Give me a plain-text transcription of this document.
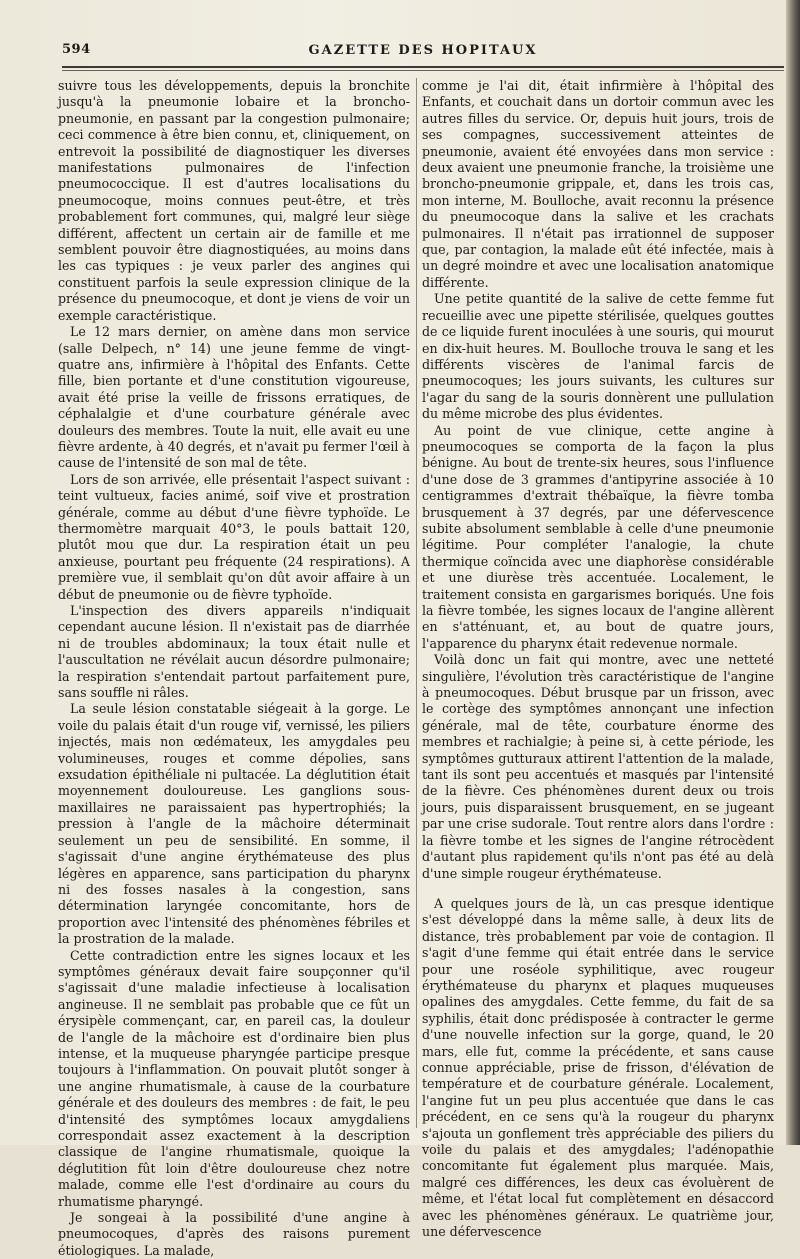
594	GAZETTE DES HOPITAUX

suivre tous les développements, depuis la bronchite jusqu'à la pneumonie lobaire et la broncho-pneumonie, en passant par la congestion pulmonaire; ceci commence à être bien connu, et, cliniquement, on entrevoit la possibilité de diagnostiquer les diverses manifestations pulmonaires de l'infection pneumococcique. Il est d'autres localisations du pneumocoque, moins connues peut-être, et très probablement fort communes, qui, malgré leur siège différent, affectent un certain air de famille et me semblent pouvoir être diagnostiquées, au moins dans les cas typiques : je veux parler des angines qui constituent parfois la seule expression clinique de la présence du pneumocoque, et dont je viens de voir un exemple caractéristique.

Le 12 mars dernier, on amène dans mon service (salle Delpech, n° 14) une jeune femme de vingt-quatre ans, infirmière à l'hôpital des Enfants. Cette fille, bien portante et d'une constitution vigoureuse, avait été prise la veille de frissons erratiques, de céphalalgie et d'une courbature générale avec douleurs des membres. Toute la nuit, elle avait eu une fièvre ardente, à 40 degrés, et n'avait pu fermer l'œil à cause de l'intensité de son mal de tête.

Lors de son arrivée, elle présentait l'aspect suivant : teint vultueux, facies animé, soif vive et prostration générale, comme au début d'une fièvre typhoïde. Le thermomètre marquait 40°3, le pouls battait 120, plutôt mou que dur. La respiration était un peu anxieuse, pourtant peu fréquente (24 respirations). A première vue, il semblait qu'on dût avoir affaire à un début de pneumonie ou de fièvre typhoïde.

L'inspection des divers appareils n'indiquait cependant aucune lésion. Il n'existait pas de diarrhée ni de troubles abdominaux; la toux était nulle et l'auscultation ne révélait aucun désordre pulmonaire; la respiration s'entendait partout parfaitement pure, sans souffle ni râles.

La seule lésion constatable siégeait à la gorge. Le voile du palais était d'un rouge vif, vernissé, les piliers injectés, mais non œdémateux, les amygdales peu volumineuses, rouges et comme dépolies, sans exsudation épithéliale ni pultacée. La déglutition était moyennement douloureuse. Les ganglions sous-maxillaires ne paraissaient pas hypertrophiés; la pression à l'angle de la mâchoire déterminait seulement un peu de sensibilité. En somme, il s'agissait d'une angine érythémateuse des plus légères en apparence, sans participation du pharynx ni des fosses nasales à la congestion, sans détermination laryngée concomitante, hors de proportion avec l'intensité des phénomènes fébriles et la prostration de la malade.

Cette contradiction entre les signes locaux et les symptômes généraux devait faire soupçonner qu'il s'agissait d'une maladie infectieuse à localisation angineuse. Il ne semblait pas probable que ce fût un érysipèle commençant, car, en pareil cas, la douleur de l'angle de la mâchoire est d'ordinaire bien plus intense, et la muqueuse pharyngée participe presque toujours à l'inflammation. On pouvait plutôt songer à une angine rhumatismale, à cause de la courbature générale et des douleurs des membres : de fait, le peu d'intensité des symptômes locaux amygdaliens correspondait assez exactement à la description classique de l'angine rhumatismale, quoique la déglutition fût loin d'être douloureuse chez notre malade, comme elle l'est d'ordinaire au cours du rhumatisme pharyngé.

Je songeai à la possibilité d'une angine à pneumocoques, d'après des raisons purement étiologiques. La malade,

comme je l'ai dit, était infirmière à l'hôpital des Enfants, et couchait dans un dortoir commun avec les autres filles du service. Or, depuis huit jours, trois de ses compagnes, successivement atteintes de pneumonie, avaient été envoyées dans mon service : deux avaient une pneumonie franche, la troisième une broncho-pneumonie grippale, et, dans les trois cas, mon interne, M. Boulloche, avait reconnu la présence du pneumocoque dans la salive et les crachats pulmonaires. Il n'était pas irrationnel de supposer que, par contagion, la malade eût été infectée, mais à un degré moindre et avec une localisation anatomique différente.

Une petite quantité de la salive de cette femme fut recueillie avec une pipette stérilisée, quelques gouttes de ce liquide furent inoculées à une souris, qui mourut en dix-huit heures. M. Boulloche trouva le sang et les différents viscères de l'animal farcis de pneumocoques; les jours suivants, les cultures sur l'agar du sang de la souris donnèrent une pullulation du même microbe des plus évidentes.

Au point de vue clinique, cette angine à pneumocoques se comporta de la façon la plus bénigne. Au bout de trente-six heures, sous l'influence d'une dose de 3 grammes d'antipyrine associée à 10 centigrammes d'extrait thébaïque, la fièvre tomba brusquement à 37 degrés, par une défervescence subite absolument semblable à celle d'une pneumonie légitime. Pour compléter l'analogie, la chute thermique coïncida avec une diaphorèse considérable et une diurèse très accentuée. Localement, le traitement consista en gargarismes boriqués. Une fois la fièvre tombée, les signes locaux de l'angine allèrent en s'atténuant, et, au bout de quatre jours, l'apparence du pharynx était redevenue normale.

Voilà donc un fait qui montre, avec une netteté singulière, l'évolution très caractéristique de l'angine à pneumocoques. Début brusque par un frisson, avec le cortège des symptômes annonçant une infection générale, mal de tête, courbature énorme des membres et rachialgie; à peine si, à cette période, les symptômes gutturaux attirent l'attention de la malade, tant ils sont peu accentués et masqués par l'intensité de la fièvre. Ces phénomènes durent deux ou trois jours, puis disparaissent brusquement, en se jugeant par une crise sudorale. Tout rentre alors dans l'ordre : la fièvre tombe et les signes de l'angine rétrocèdent d'autant plus rapidement qu'ils n'ont pas été au delà d'une simple rougeur érythémateuse.

A quelques jours de là, un cas presque identique s'est développé dans la même salle, à deux lits de distance, très probablement par voie de contagion. Il s'agit d'une femme qui était entrée dans le service pour une roséole syphilitique, avec rougeur érythémateuse du pharynx et plaques muqueuses opalines des amygdales. Cette femme, du fait de sa syphilis, était donc prédisposée à contracter le germe d'une nouvelle infection sur la gorge, quand, le 20 mars, elle fut, comme la précédente, et sans cause connue appréciable, prise de frisson, d'élévation de température et de courbature générale. Localement, l'angine fut un peu plus accentuée que dans le cas précédent, en ce sens qu'à la rougeur du pharynx s'ajouta un gonflement très appréciable des piliers du voile du palais et des amygdales; l'adénopathie concomitante fut également plus marquée. Mais, malgré ces différences, les deux cas évoluèrent de même, et l'état local fut complètement en désaccord avec les phénomènes généraux. Le quatrième jour, une défervescence
